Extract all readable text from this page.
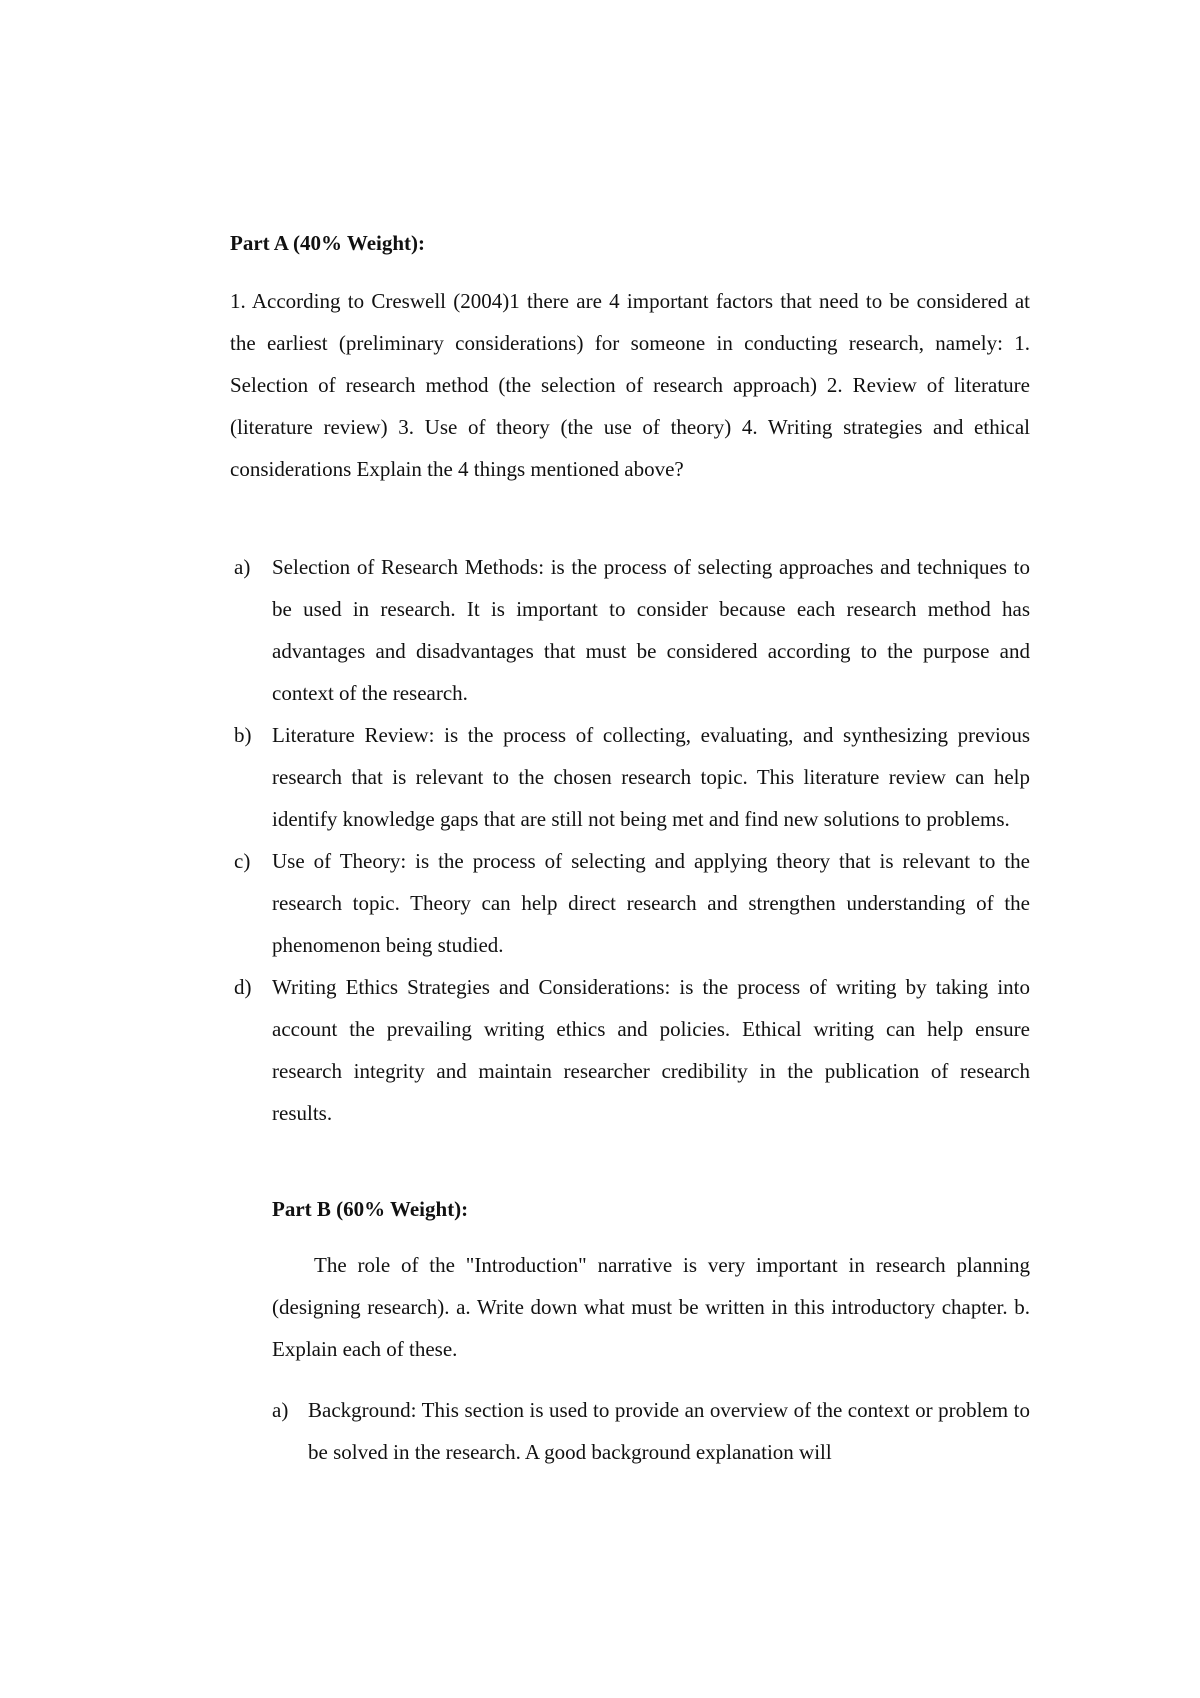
Part A (40% Weight):

1. According to Creswell (2004)1 there are 4 important factors that need to be considered at the earliest (preliminary considerations) for someone in conducting research, namely: 1. Selection of research method (the selection of research approach) 2. Review of literature (literature review) 3. Use of theory (the use of theory) 4. Writing strategies and ethical considerations Explain the 4 things mentioned above?

a) Selection of Research Methods: is the process of selecting approaches and techniques to be used in research. It is important to consider because each research method has advantages and disadvantages that must be considered according to the purpose and context of the research.
b) Literature Review: is the process of collecting, evaluating, and synthesizing previous research that is relevant to the chosen research topic. This literature review can help identify knowledge gaps that are still not being met and find new solutions to problems.
c) Use of Theory: is the process of selecting and applying theory that is relevant to the research topic. Theory can help direct research and strengthen understanding of the phenomenon being studied.
d) Writing Ethics Strategies and Considerations: is the process of writing by taking into account the prevailing writing ethics and policies. Ethical writing can help ensure research integrity and maintain researcher credibility in the publication of research results.
Part B (60% Weight):

The role of the "Introduction" narrative is very important in research planning (designing research). a. Write down what must be written in this introductory chapter. b. Explain each of these.

a) Background: This section is used to provide an overview of the context or problem to be solved in the research. A good background explanation will
